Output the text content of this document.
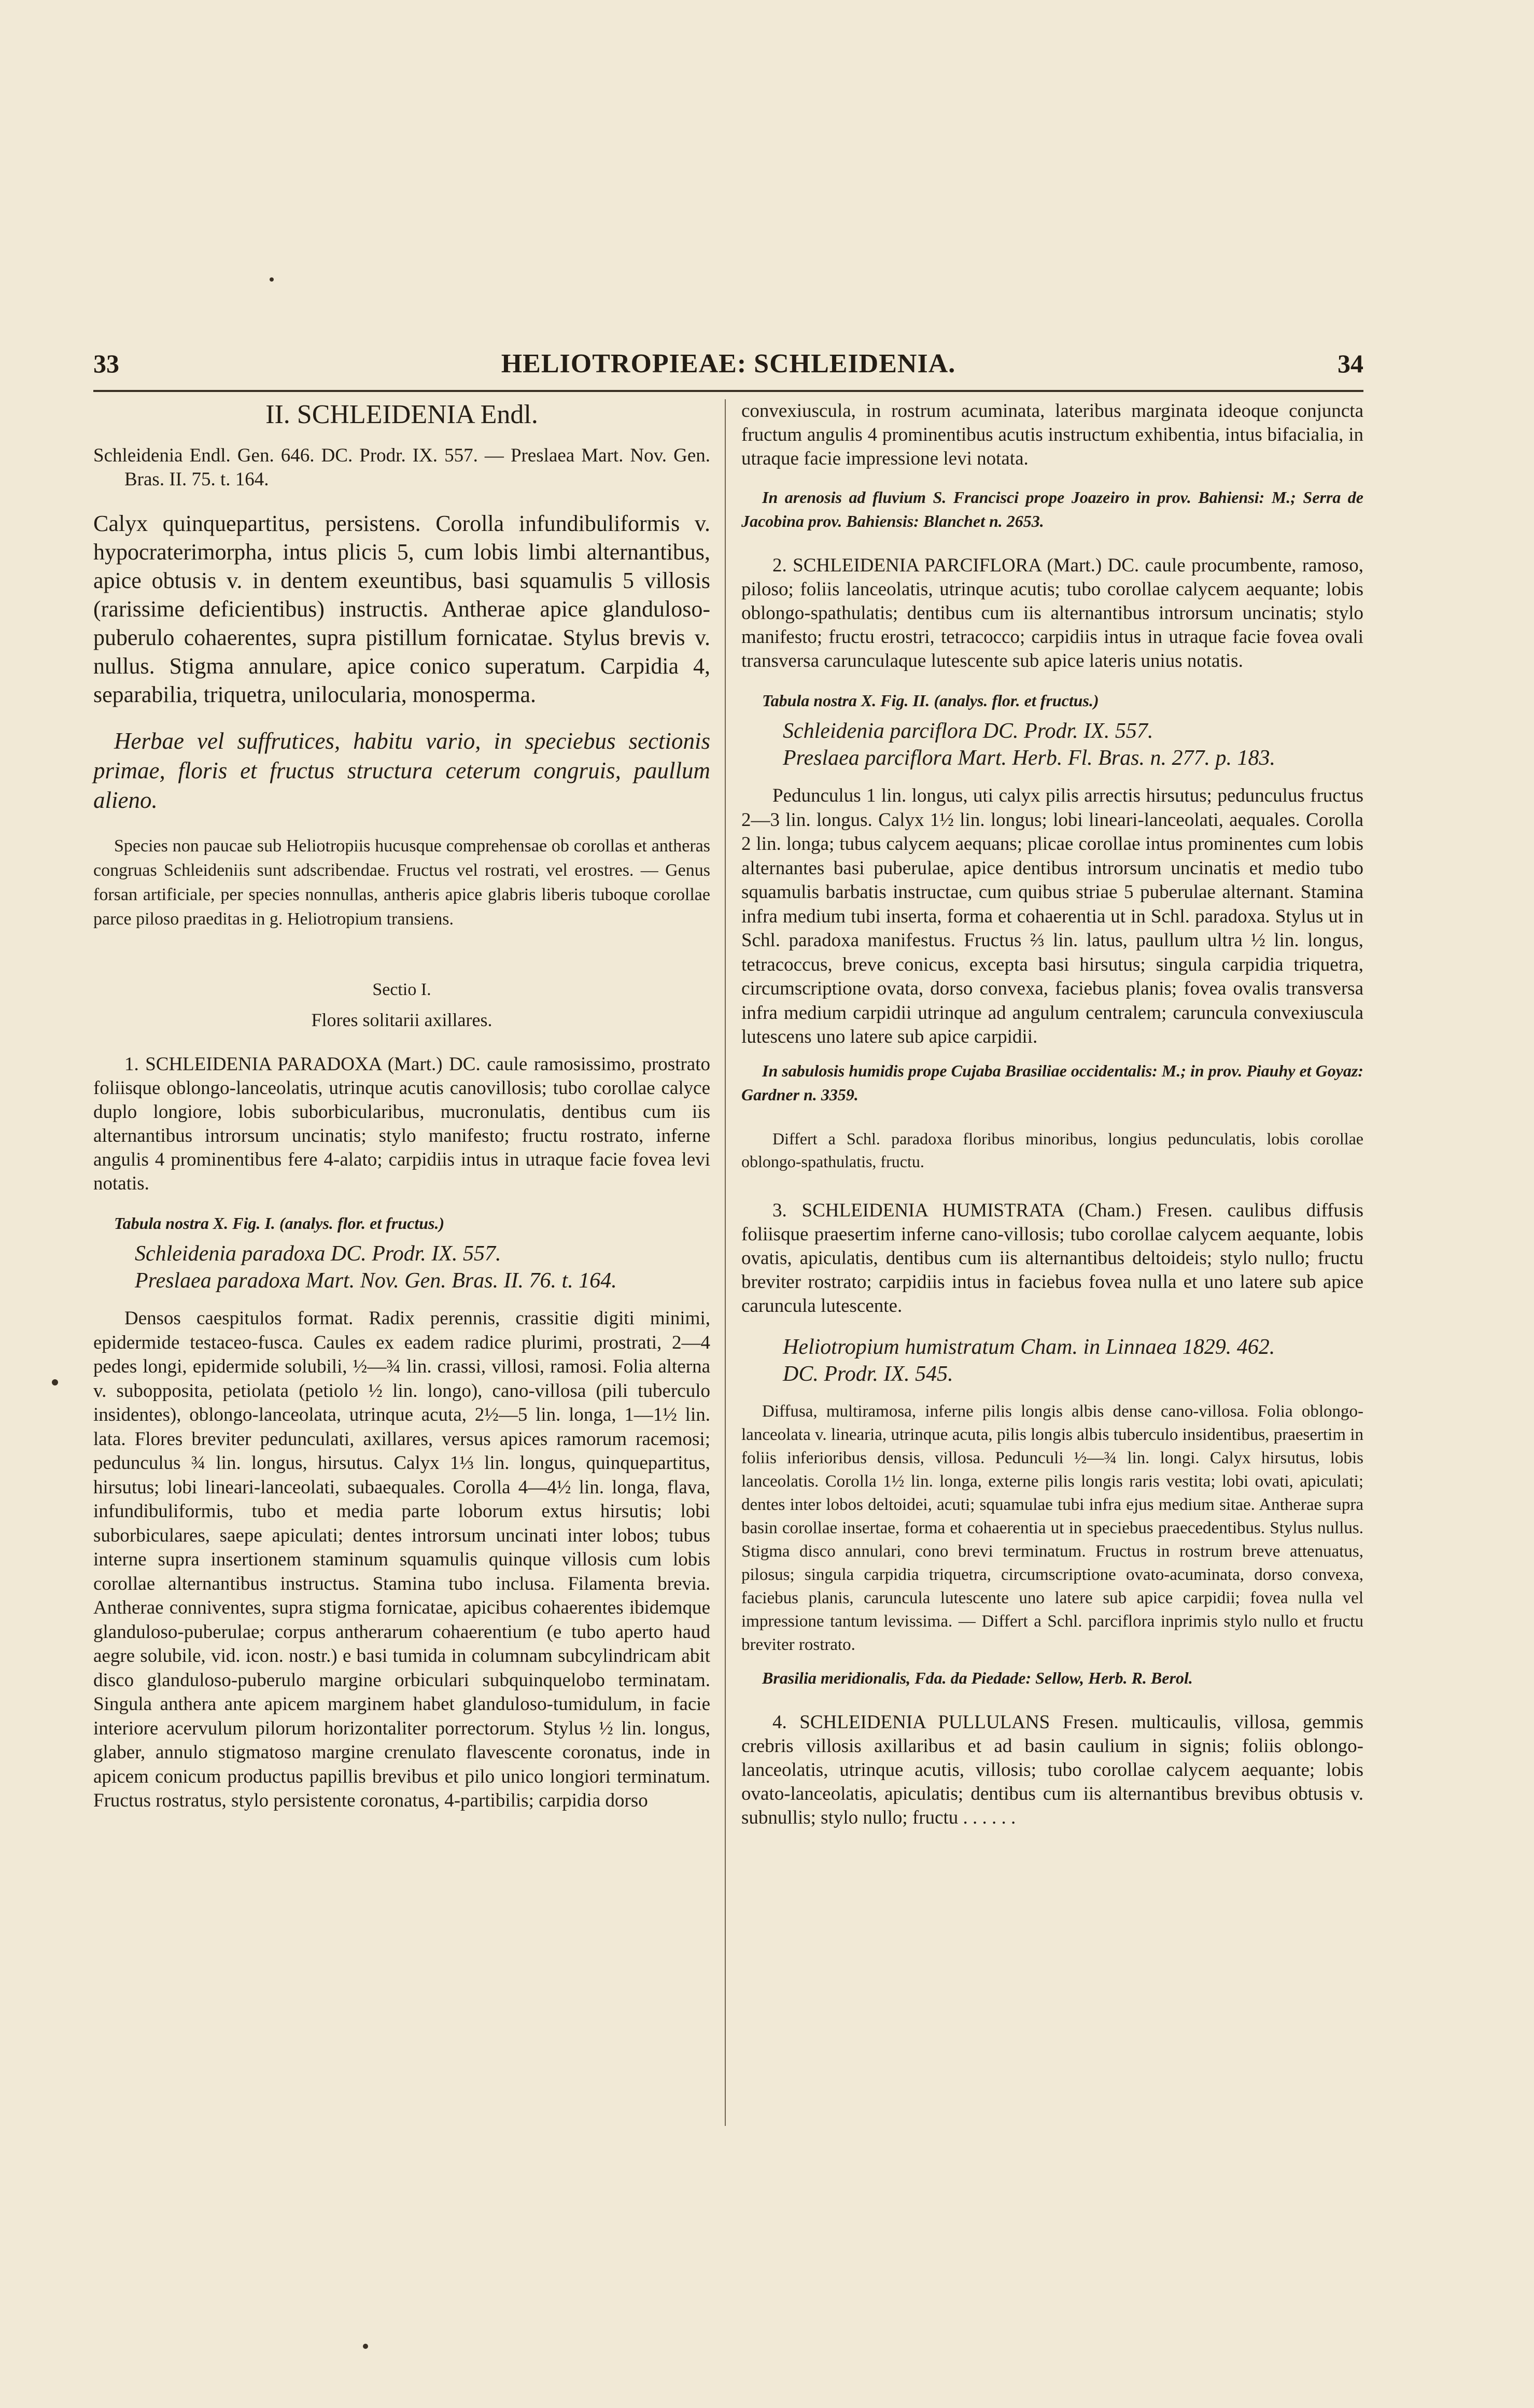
33	HELIOTROPIEAE: SCHLEIDENIA.	34

II. SCHLEIDENIA Endl.

Schleidenia Endl. Gen. 646. DC. Prodr. IX. 557. — Preslaea Mart. Nov. Gen. Bras. II. 75. t. 164.

Calyx quinquepartitus, persistens. Corolla infundibuliformis v. hypocraterimorpha, intus plicis 5, cum lobis limbi alternantibus, apice obtusis v. in dentem exeuntibus, basi squamulis 5 villosis (rarissime deficientibus) instructis. Antherae apice glanduloso-puberulo cohaerentes, supra pistillum fornicatae. Stylus brevis v. nullus. Stigma annulare, apice conico superatum. Carpidia 4, separabilia, triquetra, unilocularia, monosperma.

Herbae vel suffrutices, habitu vario, in speciebus sectionis primae, floris et fructus structura ceterum congruis, paullum alieno.

Species non paucae sub Heliotropiis hucusque comprehensae ob corollas et antheras congruas Schleideniis sunt adscribendae. Fructus vel rostrati, vel erostres. — Genus forsan artificiale, per species nonnullas, antheris apice glabris liberis tuboque corollae parce piloso praeditas in g. Heliotropium transiens.

Sectio I.

Flores solitarii axillares.

1. SCHLEIDENIA PARADOXA (Mart.) DC. caule ramosissimo, prostrato foliisque oblongo-lanceolatis, utrinque acutis canovillosis; tubo corollae calyce duplo longiore, lobis suborbicularibus, mucronulatis, dentibus cum iis alternantibus introrsum uncinatis; stylo manifesto; fructu rostrato, inferne angulis 4 prominentibus fere 4-alato; carpidiis intus in utraque facie fovea levi notatis.

Tabula nostra X. Fig. I. (analys. flor. et fructus.)

Schleidenia paradoxa DC. Prodr. IX. 557.

Preslaea paradoxa Mart. Nov. Gen. Bras. II. 76. t. 164.

Densos caespitulos format. Radix perennis, crassitie digiti minimi, epidermide testaceo-fusca. Caules ex eadem radice plurimi, prostrati, 2—4 pedes longi, epidermide solubili, ½—¾ lin. crassi, villosi, ramosi. Folia alterna v. subopposita, petiolata (petiolo ½ lin. longo), cano-villosa (pili tuberculo insidentes), oblongo-lanceolata, utrinque acuta, 2½—5 lin. longa, 1—1½ lin. lata. Flores breviter pedunculati, axillares, versus apices ramorum racemosi; pedunculus ¾ lin. longus, hirsutus. Calyx 1⅓ lin. longus, quinquepartitus, hirsutus; lobi lineari-lanceolati, subaequales. Corolla 4—4½ lin. longa, flava, infundibuliformis, tubo et media parte loborum extus hirsutis; lobi suborbiculares, saepe apiculati; dentes introrsum uncinati inter lobos; tubus interne supra insertionem staminum squamulis quinque villosis cum lobis corollae alternantibus instructus. Stamina tubo inclusa. Filamenta brevia. Antherae conniventes, supra stigma fornicatae, apicibus cohaerentes ibidemque glanduloso-puberulae; corpus antherarum cohaerentium (e tubo aperto haud aegre solubile, vid. icon. nostr.) e basi tumida in columnam subcylindricam abit disco glanduloso-puberulo margine orbiculari subquinquelobo terminatam. Singula anthera ante apicem marginem habet glanduloso-tumidulum, in facie interiore acervulum pilorum horizontaliter porrectorum. Stylus ½ lin. longus, glaber, annulo stigmatoso margine crenulato flavescente coronatus, inde in apicem conicum productus papillis brevibus et pilo unico longiori terminatum. Fructus rostratus, stylo persistente coronatus, 4-partibilis; carpidia dorso

convexiuscula, in rostrum acuminata, lateribus marginata ideoque conjuncta fructum angulis 4 prominentibus acutis instructum exhibentia, intus bifacialia, in utraque facie impressione levi notata.

In arenosis ad fluvium S. Francisci prope Joazeiro in prov. Bahiensi: M.; Serra de Jacobina prov. Bahiensis: Blanchet n. 2653.

2. SCHLEIDENIA PARCIFLORA (Mart.) DC. caule procumbente, ramoso, piloso; foliis lanceolatis, utrinque acutis; tubo corollae calycem aequante; lobis oblongo-spathulatis; dentibus cum iis alternantibus introrsum uncinatis; stylo manifesto; fructu erostri, tetracocco; carpidiis intus in utraque facie fovea ovali transversa carunculaque lutescente sub apice lateris unius notatis.

Tabula nostra X. Fig. II. (analys. flor. et fructus.)

Schleidenia parciflora DC. Prodr. IX. 557.

Preslaea parciflora Mart. Herb. Fl. Bras. n. 277. p. 183.

Pedunculus 1 lin. longus, uti calyx pilis arrectis hirsutus; pedunculus fructus 2—3 lin. longus. Calyx 1½ lin. longus; lobi lineari-lanceolati, aequales. Corolla 2 lin. longa; tubus calycem aequans; plicae corollae intus prominentes cum lobis alternantes basi puberulae, apice dentibus introrsum uncinatis et medio tubo squamulis barbatis instructae, cum quibus striae 5 puberulae alternant. Stamina infra medium tubi inserta, forma et cohaerentia ut in Schl. paradoxa. Stylus ut in Schl. paradoxa manifestus. Fructus ⅔ lin. latus, paullum ultra ½ lin. longus, tetracoccus, breve conicus, excepta basi hirsutus; singula carpidia triquetra, circumscriptione ovata, dorso convexa, faciebus planis; fovea ovalis transversa infra medium carpidii utrinque ad angulum centralem; caruncula convexiuscula lutescens uno latere sub apice carpidii.

In sabulosis humidis prope Cujaba Brasiliae occidentalis: M.; in prov. Piauhy et Goyaz: Gardner n. 3359.

Differt a Schl. paradoxa floribus minoribus, longius pedunculatis, lobis corollae oblongo-spathulatis, fructu.

3. SCHLEIDENIA HUMISTRATA (Cham.) Fresen. caulibus diffusis foliisque praesertim inferne cano-villosis; tubo corollae calycem aequante, lobis ovatis, apiculatis, dentibus cum iis alternantibus deltoideis; stylo nullo; fructu breviter rostrato; carpidiis intus in faciebus fovea nulla et uno latere sub apice caruncula lutescente.

Heliotropium humistratum Cham. in Linnaea 1829. 462.

DC. Prodr. IX. 545.

Diffusa, multiramosa, inferne pilis longis albis dense cano-villosa. Folia oblongo-lanceolata v. linearia, utrinque acuta, pilis longis albis tuberculo insidentibus, praesertim in foliis inferioribus densis, villosa. Pedunculi ½—¾ lin. longi. Calyx hirsutus, lobis lanceolatis. Corolla 1½ lin. longa, externe pilis longis raris vestita; lobi ovati, apiculati; dentes inter lobos deltoidei, acuti; squamulae tubi infra ejus medium sitae. Antherae supra basin corollae insertae, forma et cohaerentia ut in speciebus praecedentibus. Stylus nullus. Stigma disco annulari, cono brevi terminatum. Fructus in rostrum breve attenuatus, pilosus; singula carpidia triquetra, circumscriptione ovato-acuminata, dorso convexa, faciebus planis, caruncula lutescente uno latere sub apice carpidii; fovea nulla vel impressione tantum levissima. — Differt a Schl. parciflora inprimis stylo nullo et fructu breviter rostrato.

Brasilia meridionalis, Fda. da Piedade: Sellow, Herb. R. Berol.

4. SCHLEIDENIA PULLULANS Fresen. multicaulis, villosa, gemmis crebris villosis axillaribus et ad basin caulium in signis; foliis oblongo-lanceolatis, utrinque acutis, villosis; tubo corollae calycem aequante; lobis ovato-lanceolatis, apiculatis; dentibus cum iis alternantibus brevibus obtusis v. subnullis; stylo nullo; fructu . . . . . .
